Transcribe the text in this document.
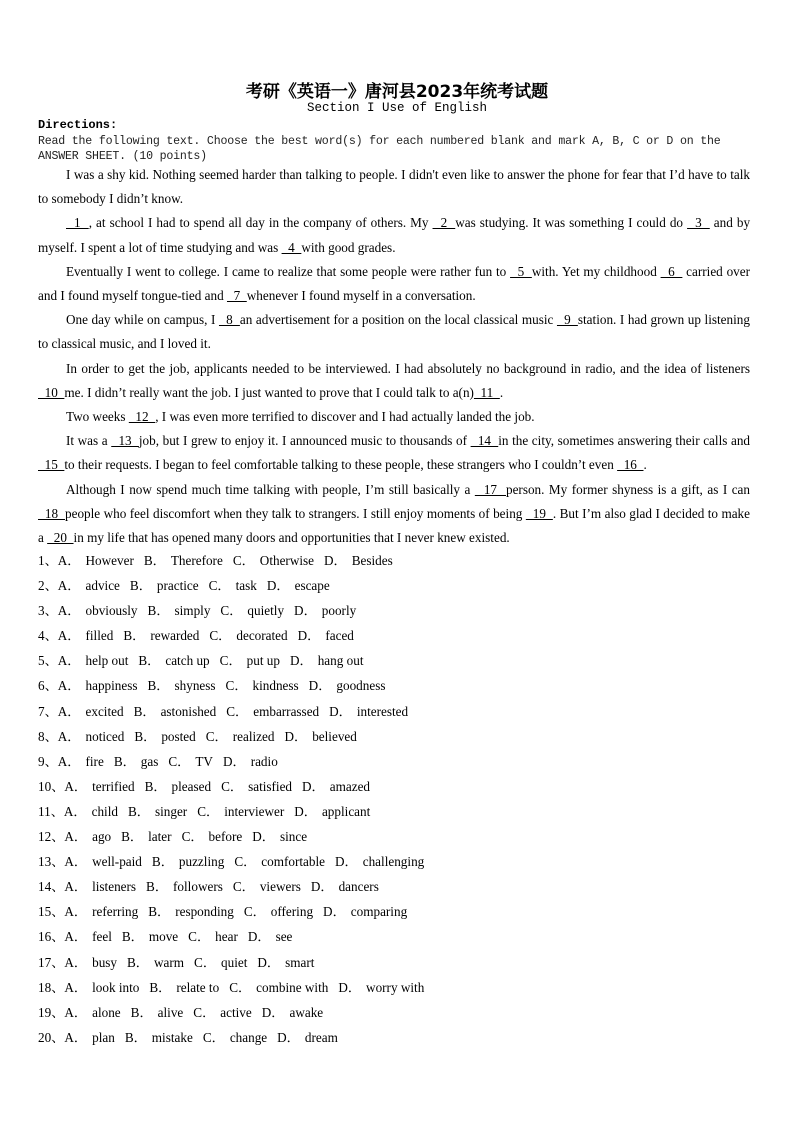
考研《英语一》唐河县2023年统考试题
Section I Use of English
Directions:
Read the following text. Choose the best word(s) for each numbered blank and mark A, B, C or D on the ANSWER SHEET. (10 points)

I was a shy kid. Nothing seemed harder than talking to people. I didn't even like to answer the phone for fear that I’d have to talk to somebody I didn’t know.

1  , at school I had to spend all day in the company of others. My   2  was studying. It was something I could do   3   and by myself. I spent a lot of time studying and was   4  with good grades.

Eventually I went to college. I came to realize that some people were rather fun to   5  with. Yet my childhood   6   carried over and I found myself tongue-tied and   7  whenever I found myself in a conversation.

One day while on campus, I   8  an advertisement for a position on the local classical music   9  station. I had grown up listening to classical music, and I loved it.

In order to get the job, applicants needed to be interviewed. I had absolutely no background in radio, and the idea of listeners   10  me. I didn’t really want the job. I just wanted to prove that I could talk to a(n)  11  .

Two weeks   12  , I was even more terrified to discover and I had actually landed the job.

It was a   13  job, but I grew to enjoy it. I announced music to thousands of   14  in the city, sometimes answering their calls and   15  to their requests. I began to feel comfortable talking to these people, these strangers who I couldn’t even   16  .

Although I now spend much time talking with people, I’m still basically a   17  person. My former shyness is a gift, as I can   18  people who feel discomfort when they talk to strangers. I still enjoy moments of being   19  . But I’m also glad I decided to make a   20  in my life that has opened many doors and opportunities that I never knew existed.

1、A． However B． Therefore C． Otherwise D． Besides
2、A． advice B． practice C． task D． escape
3、A． obviously B． simply C． quietly D． poorly
4、A． filled B． rewarded C． decorated D． faced
5、A． help out B． catch up C． put up D． hang out
6、A． happiness B． shyness C． kindness D． goodness
7、A． excited B． astonished C． embarrassed D． interested
8、A． noticed B． posted C． realized D． believed
9、A． fire B． gas C． TV D． radio
10、A． terrified B． pleased C． satisfied D． amazed
11、A． child B． singer C． interviewer D． applicant
12、A． ago B． later C． before D． since
13、A． well-paid B． puzzling C． comfortable D． challenging
14、A． listeners B． followers C． viewers D． dancers
15、A． referring B． responding C． offering D． comparing
16、A． feel B． move C． hear D． see
17、A． busy B． warm C． quiet D． smart
18、A． look into B． relate to C． combine with D． worry with
19、A． alone B． alive C． active D． awake
20、A． plan B． mistake C． change D． dream
